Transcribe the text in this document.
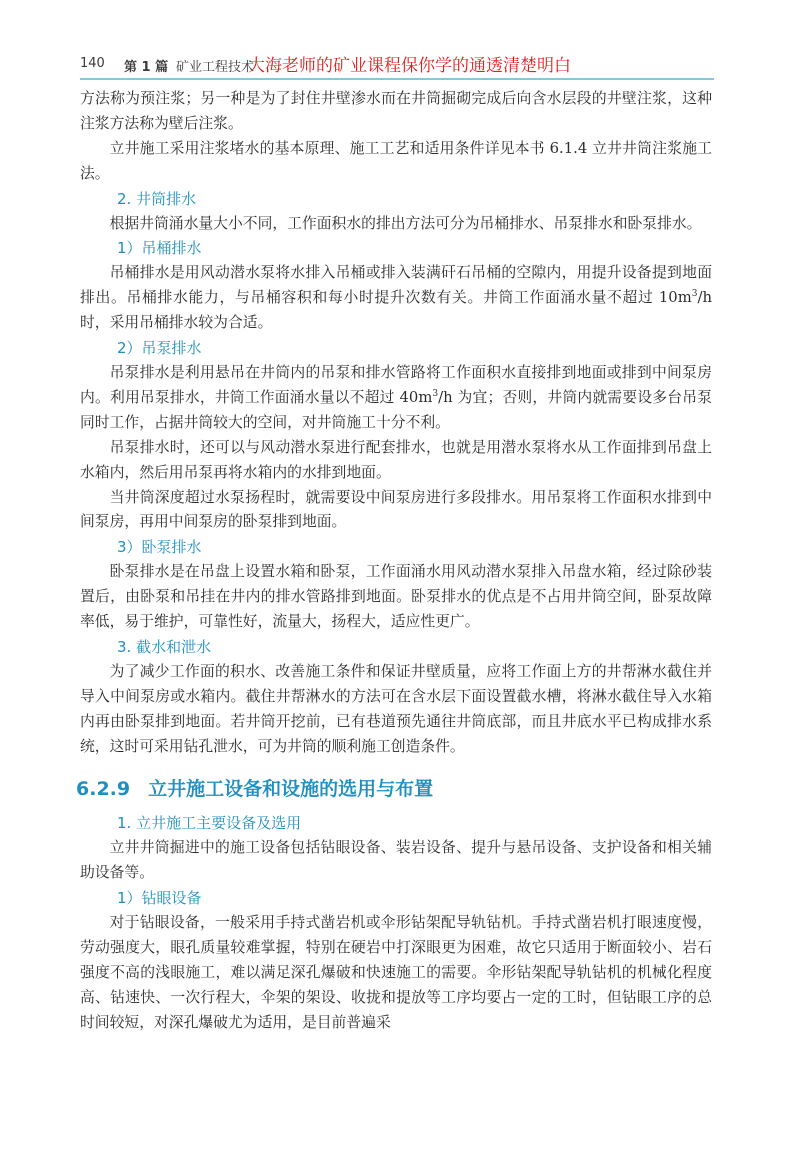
140 第 1 篇 矿业工程技术
大海老师的矿业课程保你学的通透清楚明白

方法称为预注浆；另一种是为了封住井壁渗水而在井筒掘砌完成后向含水层段的井壁注浆，这种注浆方法称为壁后注浆。

立井施工采用注浆堵水的基本原理、施工工艺和适用条件详见本书 6.1.4 立井井筒注浆施工法。

2. 井筒排水

根据井筒涌水量大小不同，工作面积水的排出方法可分为吊桶排水、吊泵排水和卧泵排水。

1）吊桶排水

吊桶排水是用风动潜水泵将水排入吊桶或排入装满矸石吊桶的空隙内，用提升设备提到地面排出。吊桶排水能力，与吊桶容积和每小时提升次数有关。井筒工作面涌水量不超过 $10m^3/h$ 时，采用吊桶排水较为合适。

2）吊泵排水

吊泵排水是利用悬吊在井筒内的吊泵和排水管路将工作面积水直接排到地面或排到中间泵房内。利用吊泵排水，井筒工作面涌水量以不超过 $40m^3/h$ 为宜；否则，井筒内就需要设多台吊泵同时工作，占据井筒较大的空间，对井筒施工十分不利。

吊泵排水时，还可以与风动潜水泵进行配套排水，也就是用潜水泵将水从工作面排到吊盘上水箱内，然后用吊泵再将水箱内的水排到地面。

当井筒深度超过水泵扬程时，就需要设中间泵房进行多段排水。用吊泵将工作面积水排到中间泵房，再用中间泵房的卧泵排到地面。

3）卧泵排水

卧泵排水是在吊盘上设置水箱和卧泵，工作面涌水用风动潜水泵排入吊盘水箱，经过除砂装置后，由卧泵和吊挂在井内的排水管路排到地面。卧泵排水的优点是不占用井筒空间，卧泵故障率低，易于维护，可靠性好，流量大，扬程大，适应性更广。

3. 截水和泄水

为了减少工作面的积水、改善施工条件和保证井壁质量，应将工作面上方的井帮淋水截住并导入中间泵房或水箱内。截住井帮淋水的方法可在含水层下面设置截水槽，将淋水截住导入水箱内再由卧泵排到地面。若井筒开挖前，已有巷道预先通往井筒底部，而且井底水平已构成排水系统，这时可采用钻孔泄水，可为井筒的顺利施工创造条件。

6.2.9 立井施工设备和设施的选用与布置

1. 立井施工主要设备及选用

立井井筒掘进中的施工设备包括钻眼设备、装岩设备、提升与悬吊设备、支护设备和相关辅助设备等。

1）钻眼设备

对于钻眼设备，一般采用手持式凿岩机或伞形钻架配导轨钻机。手持式凿岩机打眼速度慢，劳动强度大，眼孔质量较难掌握，特别在硬岩中打深眼更为困难，故它只适用于断面较小、岩石强度不高的浅眼施工，难以满足深孔爆破和快速施工的需要。伞形钻架配导轨钻机的机械化程度高、钻速快、一次行程大，伞架的架设、收拢和提放等工序均要占一定的工时，但钻眼工序的总时间较短，对深孔爆破尤为适用，是目前普遍采
